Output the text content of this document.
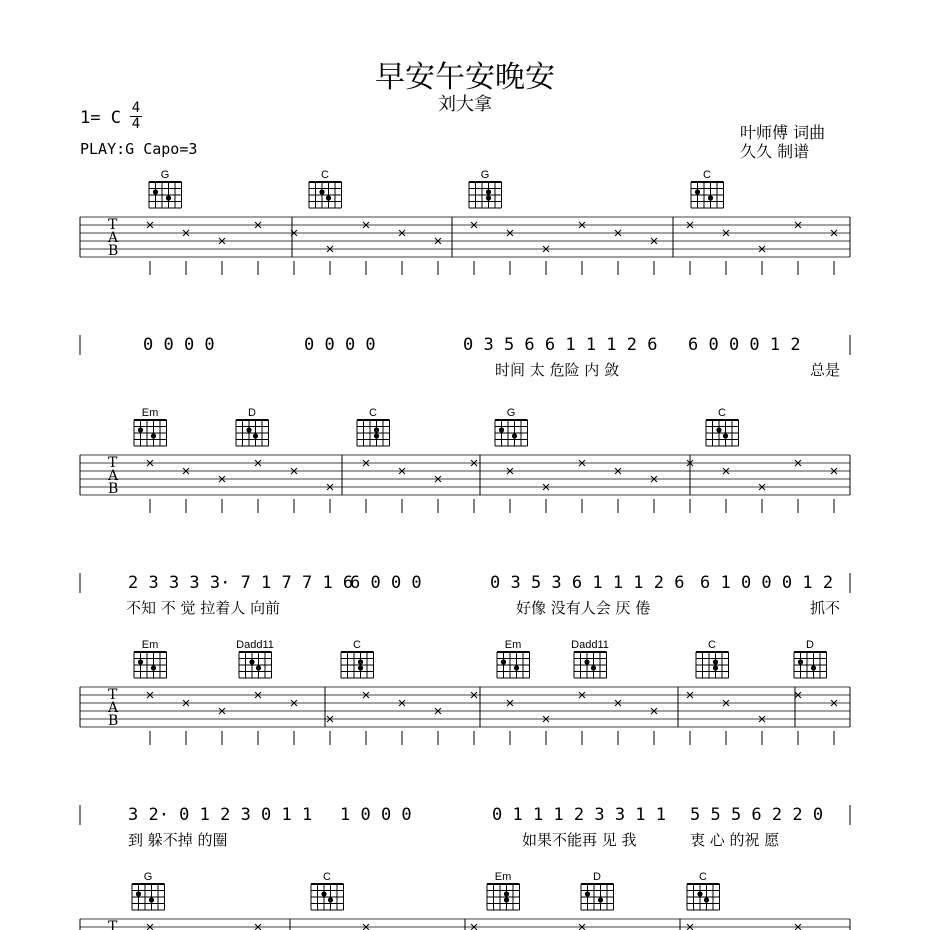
早安午安晚安
刘大拿
1= C 4
4
PLAY:G Capo=3
叶师傅 词曲
久久 制谱
G	C	G	C
T
A
B
0 0 0 0	0 0 0 0	0 3 5 6 6 1 1 1 2 6 6 0 0 0 1 2
时间 太 危险 内 敛	总是
Em	D	C	G	C
T
A
B
2 3 3 3 3· 7 1 7 7 1 6
6 0 0 0	0 3 5 3 6 1 1 1 2 6 6 1 0 0 0 1 2
不知 不 觉 拉着人 向前	好像 没有人会 厌 倦	抓不
Em	Dadd11	C	Em	Dadd11	C	D
T
A
B
3 2· 0 1 2 3 0 1 1 1 0 0 0	0 1 1 1 2 3 3 1 1 5 5 5 6 2 2 0
到 躲不掉 的圈	如果不能再 见 我	衷 心 的祝 愿
G	C	Em	D	C
T
